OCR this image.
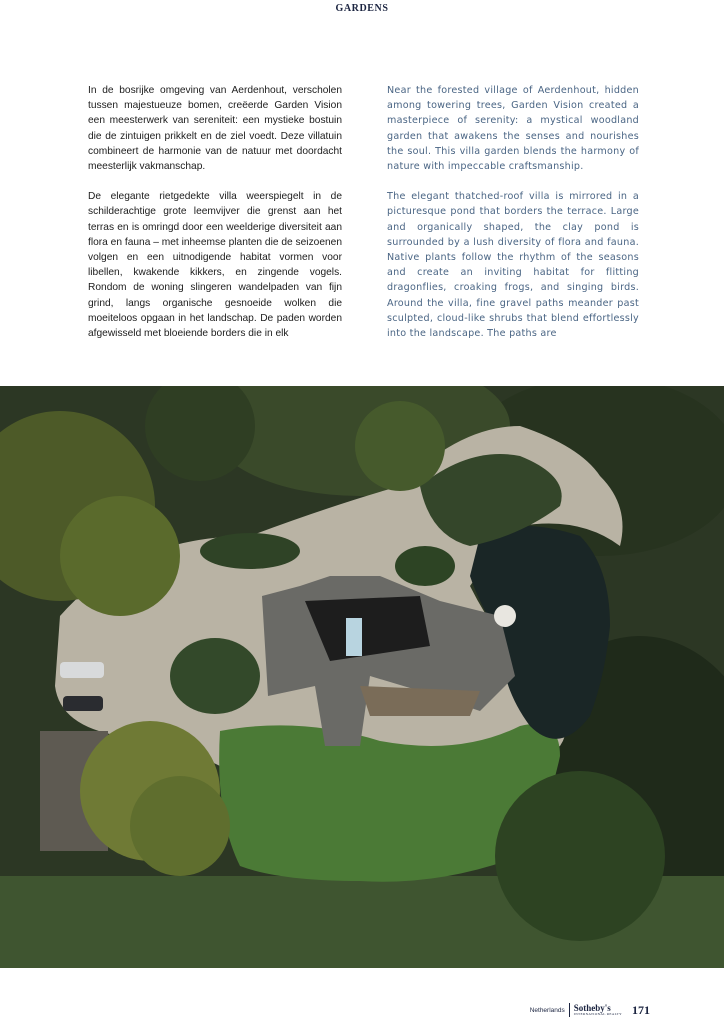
GARDENS

In de bosrijke omgeving van Aerdenhout, verscholen tussen majestueuze bomen, creëerde Garden Vision een meesterwerk van sereniteit: een mystieke bostuin die de zintuigen prikkelt en de ziel voedt. Deze villatuin combineert de harmonie van de natuur met doordacht meesterlijk vakmanschap.

De elegante rietgedekte villa weerspiegelt in de schilderachtige grote leemvijver die grenst aan het terras en is omringd door een weelderige diversiteit aan flora en fauna – met inheemse planten die de seizoenen volgen en een uitnodigende habitat vormen voor libellen, kwakende kikkers, en zingende vogels. Rondom de woning slingeren wandelpaden van fijn grind, langs organische gesnoeide wolken die moeiteloos opgaan in het landschap. De paden worden afgewisseld met bloeiende borders die in elk

Near the forested village of Aerdenhout, hidden among towering trees, Garden Vision created a masterpiece of serenity: a mystical woodland garden that awakens the senses and nourishes the soul. This villa garden blends the harmony of nature with impeccable craftsmanship.

The elegant thatched-roof villa is mirrored in a picturesque pond that borders the terrace. Large and organically shaped, the clay pond is surrounded by a lush diversity of flora and fauna. Native plants follow the rhythm of the seasons and create an inviting habitat for flitting dragonflies, croaking frogs, and singing birds. Around the villa, fine gravel paths meander past sculpted, cloud-like shrubs that blend effortlessly into the landscape. The paths are

Netherlands Sotheby's
INTERNATIONAL REALTY 171
